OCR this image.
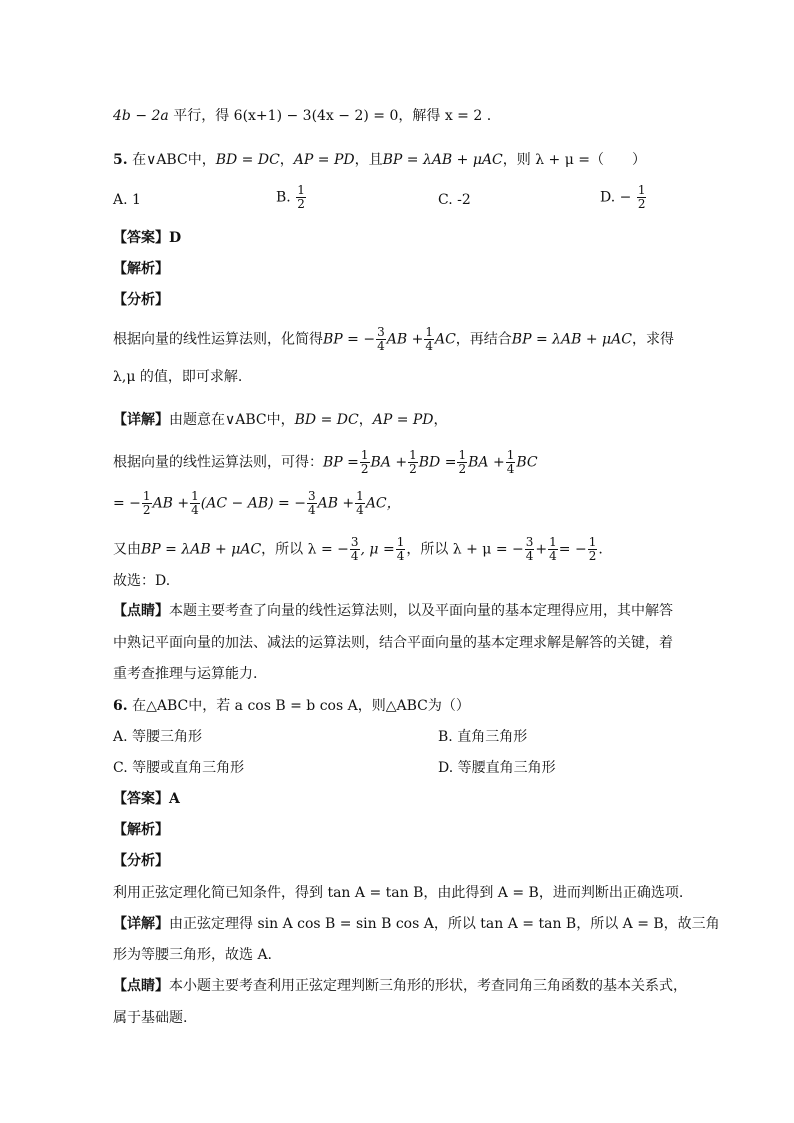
4b − 2a 平行，得 6(x+1) − 3(4x − 2) = 0，解得 x = 2 .
5. 在∨ABC中，BD = DC，AP = PD，且BP = λAB + μAC，则 λ + μ =（　　）
A. 1	B. $\frac{1}{2}$	C. -2	D. − $\frac{1}{2}$
【答案】D
【解析】
【分析】
根据向量的线性运算法则，化简得BP = − $\frac{3}{4}$ AB + $\frac{1}{4}$ AC，再结合BP = λAB + μAC，求得
λ,μ 的值，即可求解.
【详解】由题意在∨ABC中，BD = DC，AP = PD，
根据向量的线性运算法则，可得：BP = $\frac{1}{2}$ BA + $\frac{1}{2}$ BD = $\frac{1}{2}$ BA + $\frac{1}{4}$ BC
= − $\frac{1}{2}$ AB + $\frac{1}{4} (AC - AB)$ = − $\frac{3}{4}$ AB + $\frac{1}{4}$ AC，
又由BP = λAB + μAC，所以 λ = − $\frac{3}{4}$ , $\mu = \frac{1}{4}$ ，所以 λ + μ = − $\frac{3}{4} + \frac{1}{4}$ = − $\frac{1}{2}$ .
故选：D.
【点睛】本题主要考查了向量的线性运算法则，以及平面向量的基本定理得应用，其中解答
中熟记平面向量的加法、减法的运算法则，结合平面向量的基本定理求解是解答的关键，着
重考查推理与运算能力.
6. 在△ABC中，若 a cos B = b cos A，则△ABC为（）
A. 等腰三角形	B. 直角三角形
C. 等腰或直角三角形	D. 等腰直角三角形
【答案】A
【解析】
【分析】
利用正弦定理化简已知条件，得到 tan A = tan B，由此得到 A = B，进而判断出正确选项.
【详解】由正弦定理得 sin A cos B = sin B cos A，所以 tan A = tan B，所以 A = B，故三角
形为等腰三角形，故选 A.
【点睛】本小题主要考查利用正弦定理判断三角形的形状，考查同角三角函数的基本关系式，
属于基础题.
